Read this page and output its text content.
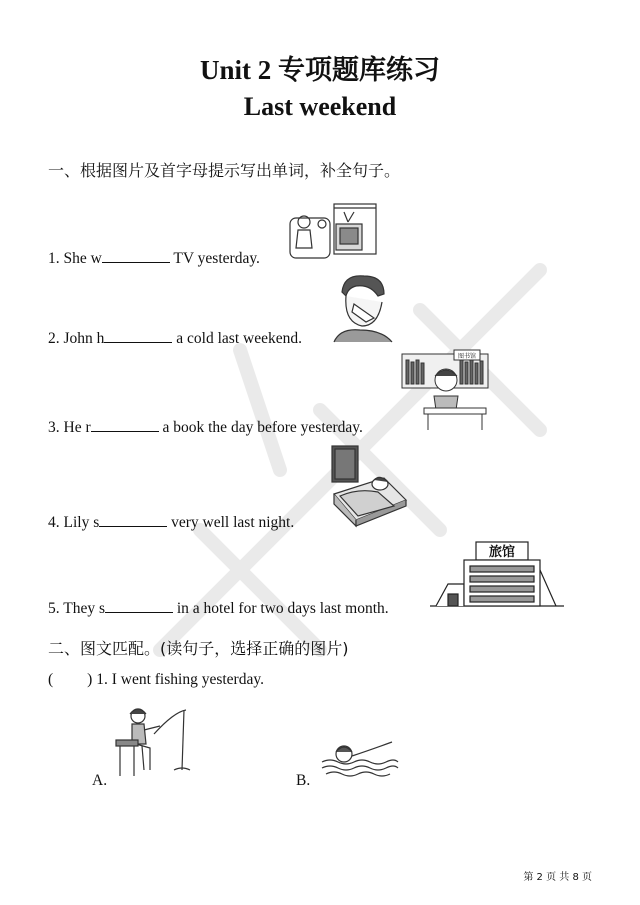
Unit 2 专项题库练习
Last weekend
一、根据图片及首字母提示写出单词，补全句子。
1. She w	TV yesterday.
2. John h	a cold last weekend.
3. He r	a book the day before yesterday.
图书馆
4. Lily s	very well last night.
5. They s	in a hotel for two days last month.
旅馆
二、图文匹配。(读句子，选择正确的图片)
( ) 1. I went fishing yesterday.
A.	B.
第 2 页 共 8 页
